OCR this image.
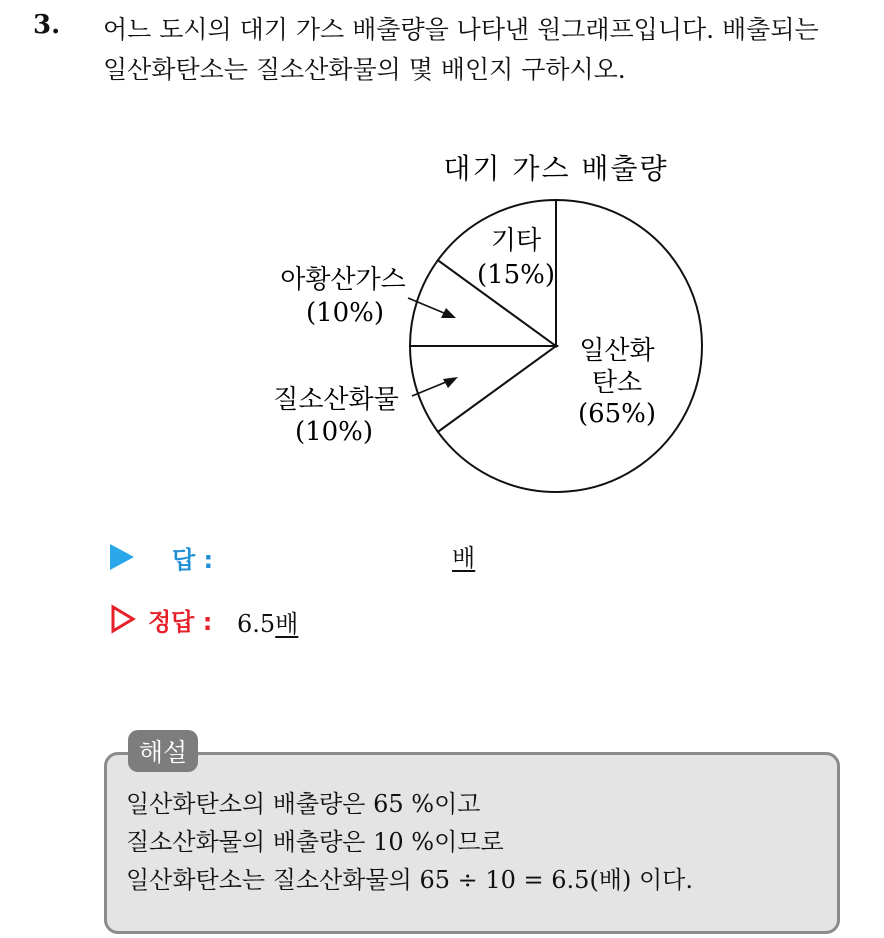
3. 어느 도시의 대기 가스 배출량을 나타낸 원그래프입니다. 배출되는
일산화탄소는 질소산화물의 몇 배인지 구하시오.
대기 가스 배출량
기타
(15%)
아황산가스
(10%)
일산화
탄소
(65%)
질소산화물
(10%)
답 :	배
정답 : 6.5배
해설
일산화탄소의 배출량은 65 %이고
질소산화물의 배출량은 10 %이므로
일산화탄소는 질소산화물의 65 ÷ 10 = 6.5(배) 이다.
